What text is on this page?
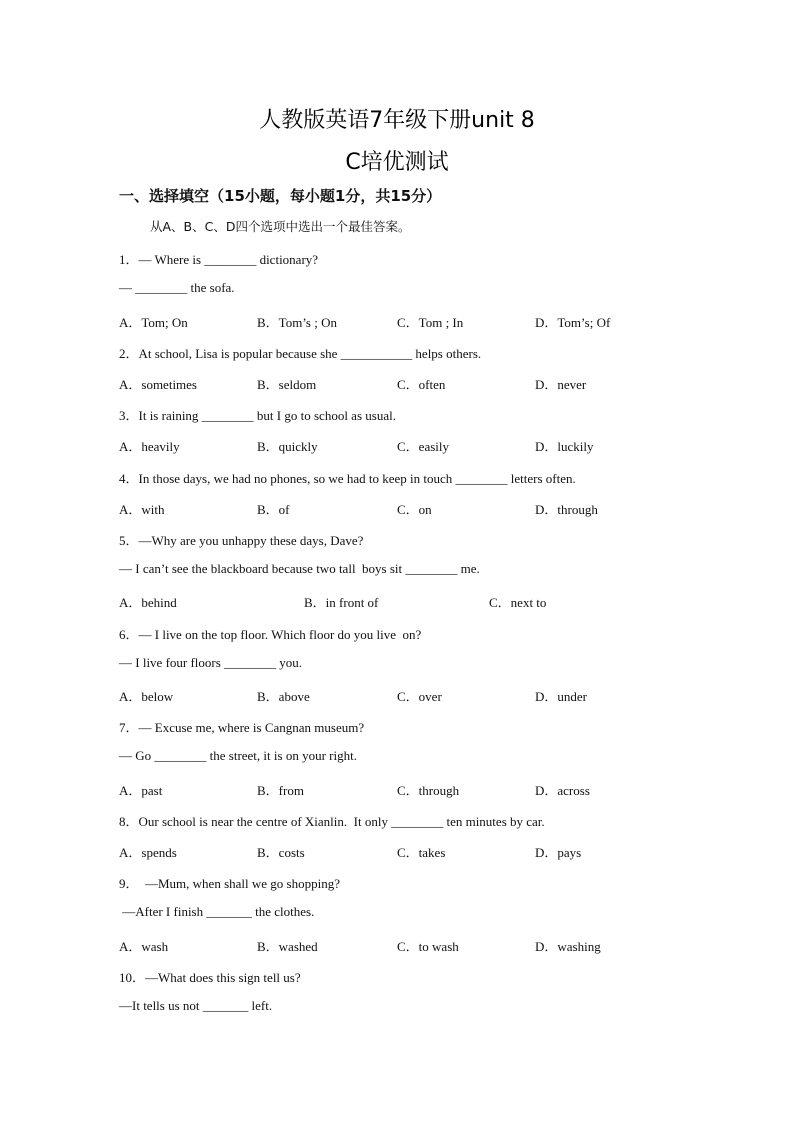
人教版英语7年级下册unit 8
C培优测试
一、选择填空（15小题，每小题1分，共15分）
从A、B、C、D四个选项中选出一个最佳答案。
1．— Where is ________ dictionary?
— ________ the sofa.
A．Tom; On	B．Tom’s ; On	C．Tom ; In	D．Tom’s; Of
2．At school, Lisa is popular because she ___________ helps others.
A．sometimes	B．seldom	C．often	D．never
3．It is raining ________ but I go to school as usual.
A．heavily	B．quickly	C．easily	D．luckily
4．In those days, we had no phones, so we had to keep in touch ________ letters often.
A．with	B．of	C．on	D．through
5．—Why are you unhappy these days, Dave?
— I can’t see the blackboard because two tall  boys sit ________ me.
A．behind	B．in front of	C．next to
6．— I live on the top floor. Which floor do you live  on?
— I live four floors ________ you.
A．below	B．above	C．over	D．under
7．— Excuse me, where is Cangnan museum?
— Go ________ the street, it is on your right.
A．past	B．from	C．through	D．across
8．Our school is near the centre of Xianlin.  It only ________ ten minutes by car.
A．spends	B．costs	C．takes	D．pays
9．  —Mum, when shall we go shopping?
—After I finish _______ the clothes.
A．wash	B．washed	C．to wash	D．washing
10．—What does this sign tell us?
—It tells us not _______ left.
